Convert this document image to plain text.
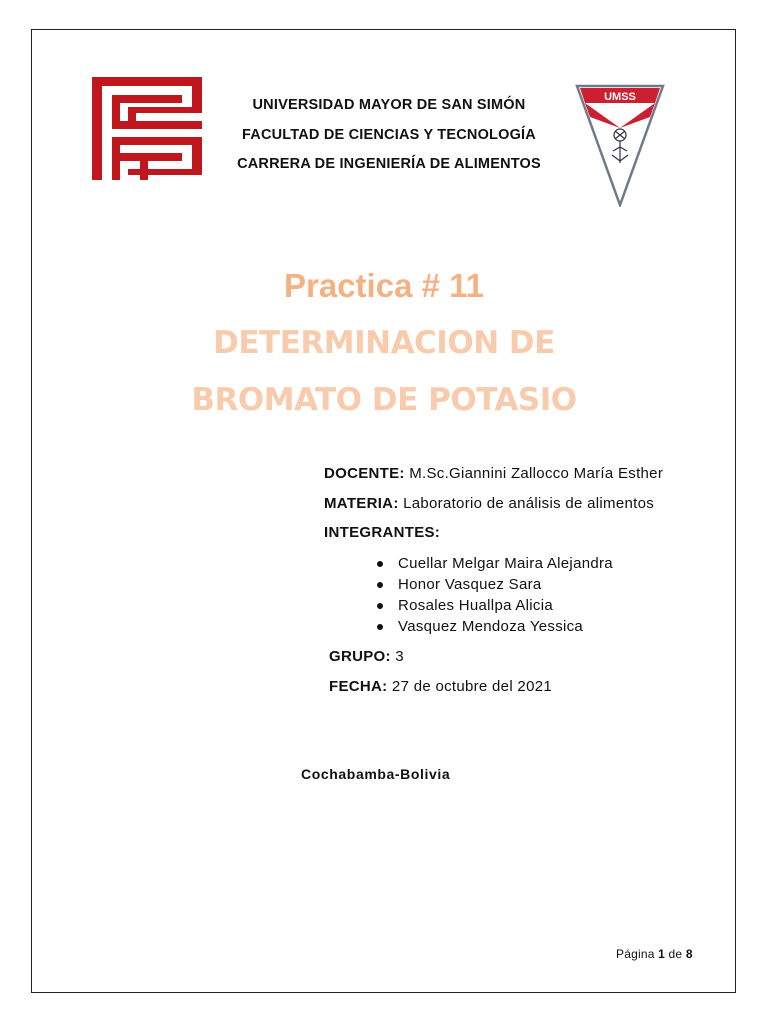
UMSS
UNIVERSIDAD MAYOR DE SAN SIMÓN
FACULTAD DE CIENCIAS Y TECNOLOGÍA
CARRERA DE INGENIERÍA DE ALIMENTOS
Practica # 11
DETERMINACION DE
BROMATO DE POTASIO
DOCENTE: M.Sc.Giannini Zallocco María Esther
MATERIA: Laboratorio de análisis de alimentos
INTEGRANTES:
Cuellar Melgar Maira Alejandra
Honor Vasquez Sara
Rosales Huallpa Alicia
Vasquez Mendoza Yessica
GRUPO: 3
FECHA: 27 de octubre del 2021
Cochabamba-Bolivia
Página 1 de 8
